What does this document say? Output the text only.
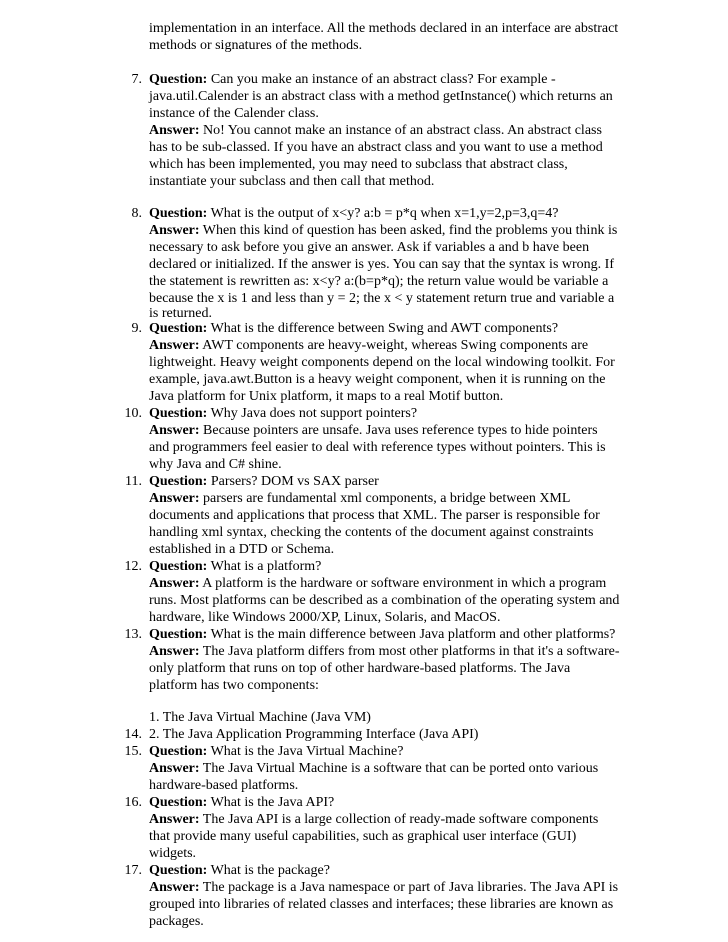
implementation in an interface. All the methods declared in an interface are abstract
methods or signatures of the methods.
7. Question: Can you make an instance of an abstract class? For example -
java.util.Calender is an abstract class with a method getInstance() which returns an
instance of the Calender class.
Answer: No! You cannot make an instance of an abstract class. An abstract class
has to be sub-classed. If you have an abstract class and you want to use a method
which has been implemented, you may need to subclass that abstract class,
instantiate your subclass and then call that method.
8. Question: What is the output of x<y? a:b = p*q when x=1,y=2,p=3,q=4?
Answer: When this kind of question has been asked, find the problems you think is
necessary to ask before you give an answer. Ask if variables a and b have been
declared or initialized. If the answer is yes. You can say that the syntax is wrong. If
the statement is rewritten as: x<y? a:(b=p*q); the return value would be variable a
because the x is 1 and less than y = 2; the x < y statement return true and variable a
is returned.
9. Question: What is the difference between Swing and AWT components?
Answer: AWT components are heavy-weight, whereas Swing components are
lightweight. Heavy weight components depend on the local windowing toolkit. For
example, java.awt.Button is a heavy weight component, when it is running on the
Java platform for Unix platform, it maps to a real Motif button.
10. Question: Why Java does not support pointers?
Answer: Because pointers are unsafe. Java uses reference types to hide pointers
and programmers feel easier to deal with reference types without pointers. This is
why Java and C# shine.
11. Question: Parsers? DOM vs SAX parser
Answer: parsers are fundamental xml components, a bridge between XML
documents and applications that process that XML. The parser is responsible for
handling xml syntax, checking the contents of the document against constraints
established in a DTD or Schema.
12. Question: What is a platform?
Answer: A platform is the hardware or software environment in which a program
runs. Most platforms can be described as a combination of the operating system and
hardware, like Windows 2000/XP, Linux, Solaris, and MacOS.
13. Question: What is the main difference between Java platform and other platforms?
Answer: The Java platform differs from most other platforms in that it's a software-
only platform that runs on top of other hardware-based platforms. The Java
platform has two components:
1. The Java Virtual Machine (Java VM)
14. 2. The Java Application Programming Interface (Java API)
15. Question: What is the Java Virtual Machine?
Answer: The Java Virtual Machine is a software that can be ported onto various
hardware-based platforms.
16. Question: What is the Java API?
Answer: The Java API is a large collection of ready-made software components
that provide many useful capabilities, such as graphical user interface (GUI)
widgets.
17. Question: What is the package?
Answer: The package is a Java namespace or part of Java libraries. The Java API is
grouped into libraries of related classes and interfaces; these libraries are known as
packages.
